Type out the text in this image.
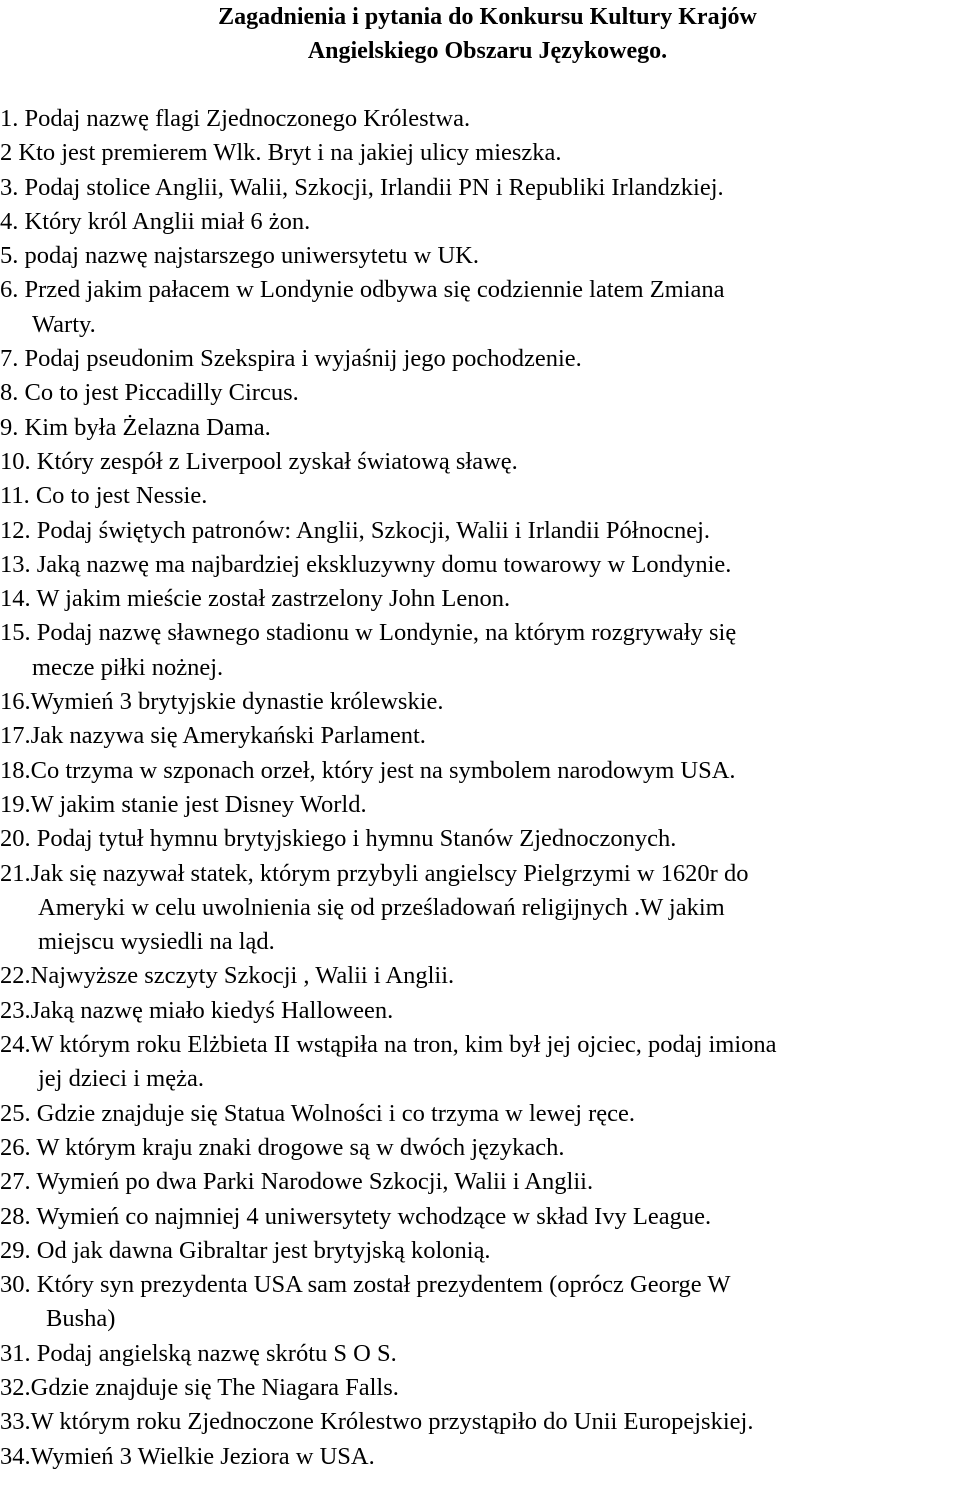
Zagadnienia i pytania do Konkursu Kultury Krajów
Angielskiego Obszaru Językowego.
1. Podaj nazwę flagi Zjednoczonego Królestwa.
2 Kto jest premierem Wlk. Bryt i na jakiej ulicy mieszka.
3. Podaj stolice Anglii, Walii, Szkocji, Irlandii PN i Republiki Irlandzkiej.
4. Który król Anglii miał 6 żon.
5. podaj nazwę najstarszego uniwersytetu w UK.
6. Przed jakim pałacem w Londynie odbywa się codziennie latem Zmiana
Warty.
7. Podaj pseudonim Szekspira i wyjaśnij jego pochodzenie.
8. Co to jest Piccadilly Circus.
9. Kim była Żelazna Dama.
10. Który zespół z Liverpool zyskał światową sławę.
11. Co to jest Nessie.
12. Podaj świętych patronów: Anglii, Szkocji, Walii i Irlandii Północnej.
13. Jaką nazwę ma najbardziej ekskluzywny domu towarowy w Londynie.
14. W jakim mieście został zastrzelony John Lenon.
15. Podaj nazwę sławnego stadionu w Londynie, na którym rozgrywały się
mecze piłki nożnej.
16.Wymień 3 brytyjskie dynastie królewskie.
17.Jak nazywa się Amerykański Parlament.
18.Co trzyma w szponach orzeł, który jest na symbolem narodowym USA.
19.W jakim stanie jest Disney World.
20. Podaj tytuł hymnu brytyjskiego i hymnu Stanów Zjednoczonych.
21.Jak się nazywał statek, którym przybyli angielscy Pielgrzymi w 1620r do
Ameryki w celu uwolnienia się od prześladowań religijnych .W jakim
miejscu wysiedli na ląd.
22.Najwyższe szczyty Szkocji , Walii i Anglii.
23.Jaką nazwę miało kiedyś Halloween.
24.W którym roku Elżbieta II wstąpiła na tron, kim był jej ojciec, podaj imiona
jej dzieci i męża.
25. Gdzie znajduje się Statua Wolności i co trzyma w lewej ręce.
26. W którym kraju znaki drogowe są w dwóch językach.
27. Wymień po dwa Parki Narodowe Szkocji, Walii i Anglii.
28. Wymień co najmniej 4 uniwersytety wchodzące w skład Ivy League.
29. Od jak dawna Gibraltar jest brytyjską kolonią.
30. Który syn prezydenta USA sam został prezydentem (oprócz George W
Busha)
31. Podaj angielską nazwę skrótu S O S.
32.Gdzie znajduje się The Niagara Falls.
33.W którym roku Zjednoczone Królestwo przystąpiło do Unii Europejskiej.
34.Wymień 3 Wielkie Jeziora w USA.
